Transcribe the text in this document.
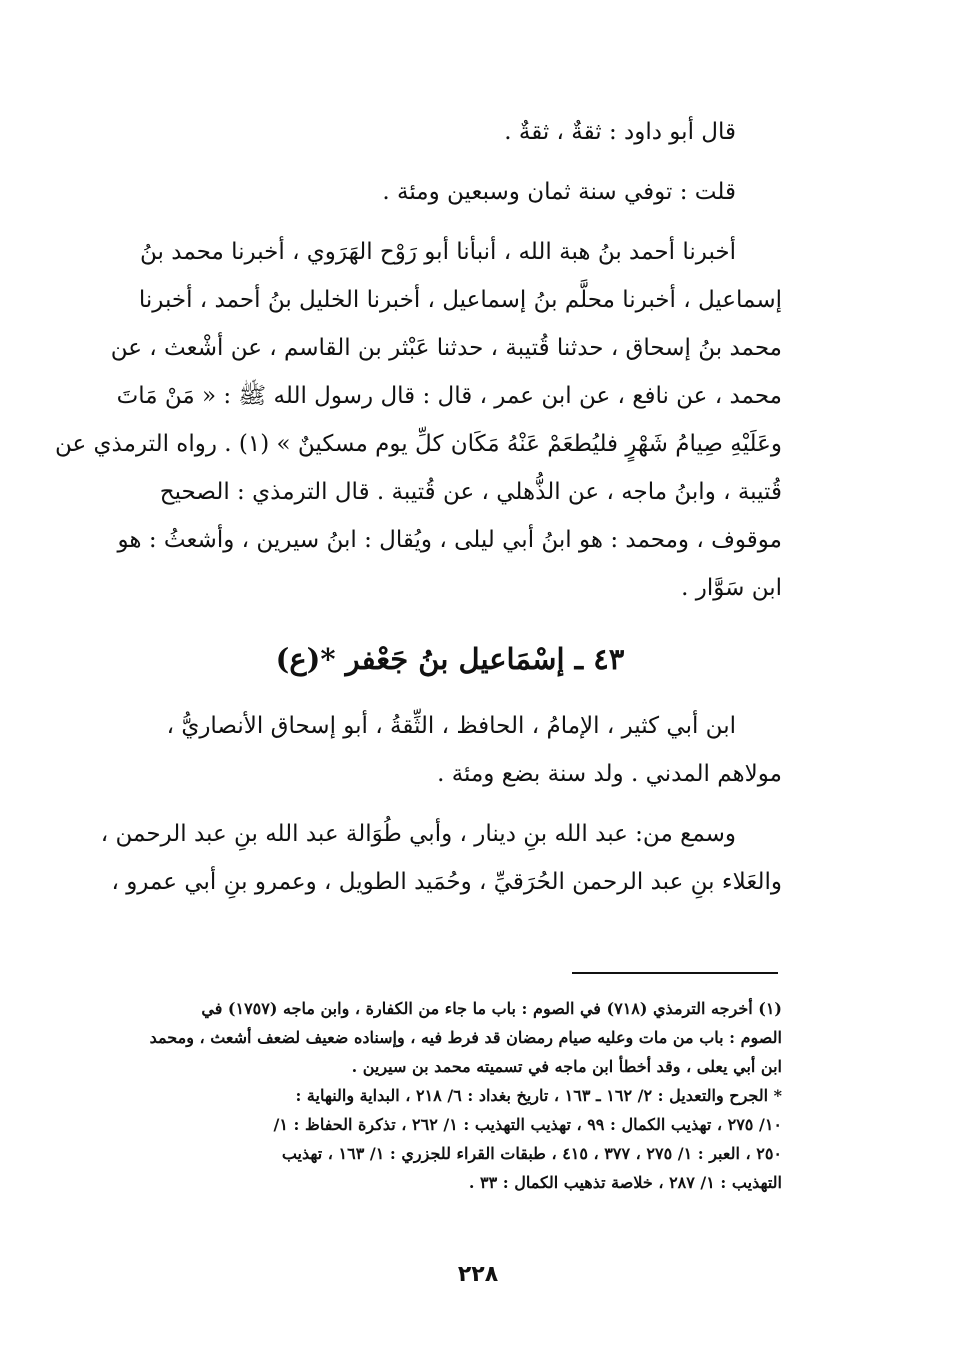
قال أبو داود : ثقةٌ ، ثقةٌ .
قلت : توفي سنة ثمان وسبعين ومئة .
أخبرنا أحمد بنُ هبة الله ، أنبأنا أبو رَوْح الهَرَوي ، أخبرنا محمد بنُ
إسماعيل ، أخبرنا محلَّم بنُ إسماعيل ، أخبرنا الخليل بنُ أحمد ، أخبرنا
محمد بنُ إسحاق ، حدثنا قُتيبة ، حدثنا عَبْثر بن القاسم ، عن أشْعث ، عن
محمد ، عن نافع ، عن ابن عمر ، قال : قال رسول الله ﷺ : « مَنْ مَاتَ
وعَلَيْهِ صِيامُ شَهْرٍ فليُطعَمْ عَنْهُ مَكَان كلِّ يوم مسكينٌ » (١) . رواه الترمذي عن
قُتيبة ، وابنُ ماجه ، عن الذُّهلي ، عن قُتيبة . قال الترمذي : الصحيح
موقوف ، ومحمد : هو ابنُ أبي ليلى ، ويُقال : ابنُ سيرين ، وأشعثُ : هو
ابن سَوَّار .
٤٣ ـ إسْمَاعيل بنُ جَعْفر *(ع)
ابن أبي كثير ، الإمامُ ، الحافظ ، الثِّقةُ ، أبو إسحاق الأنصاريُّ ،
مولاهم المدني . ولد سنة بضع ومئة .
وسمع من: عبد الله بنِ دينار ، وأبي طُوَالة عبد الله بنِ عبد الرحمن ،
والعَلاء بنِ عبد الرحمن الحُرَقيِّ ، وحُمَيد الطويل ، وعمرو بنِ أبي عمرو ،
(١) أخرجه الترمذي (٧١٨) في الصوم : باب ما جاء من الكفارة ، وابن ماجه (١٧٥٧) في
الصوم : باب من مات وعليه صيام رمضان قد فرط فيه ، وإسناده ضعيف لضعف أشعث ، ومحمد
ابن أبي يعلى ، وقد أخطأ ابن ماجه في تسميته محمد بن سيرين .
* الجرح والتعديل : ٢/ ١٦٢ ـ ١٦٣ ، تاريخ بغداد : ٦/ ٢١٨ ، البداية والنهاية :
١٠/ ٢٧٥ ، تهذيب الكمال : ٩٩ ، تهذيب التهذيب : ١/ ٢٦٢ ، تذكرة الحفاظ : ١/
٢٥٠ ، العبر : ١/ ٢٧٥ ، ٣٧٧ ، ٤١٥ ، طبقات القراء للجزري : ١/ ١٦٣ ، تهذيب
التهذيب : ١/ ٢٨٧ ، خلاصة تذهيب الكمال : ٣٣ .
٢٢٨
